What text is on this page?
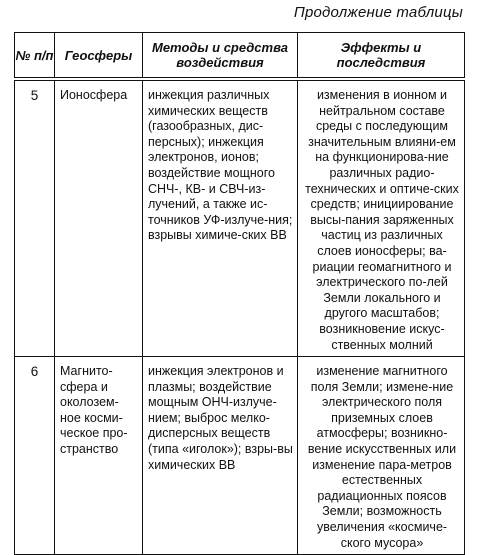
Продолжение таблицы
№ п/п	Геосферы	Методы и средства воздействия	Эффекты и последствия

5	Ионосфера	инжекция различных химических веществ (газообразных, дис-персных); инжекция электронов, ионов; воздействие мощного СНЧ-, КВ- и СВЧ-из-лучений, а также ис-точников УФ-излуче-ния; взрывы химиче-ских ВВ	изменения в ионном и нейтральном составе среды с последующим значительным влияни-ем на функционирова-ние различных радио-технических и оптиче-ских средств; инициирование высы-пания заряженных частиц из различных слоев ионосферы; ва-риации геомагнитного и электрического по-лей Земли локального и другого масштабов; возникновение искус-ственных молний

6	Магнито-сфера и околозем-ное косми-ческое про-странство	инжекция электронов и плазмы; воздействие мощным ОНЧ-излуче-нием; выброс мелко-дисперсных веществ (типа «иголок»); взры-вы химических ВВ	изменение магнитного поля Земли; измене-ние электрического поля приземных слоев атмосферы; возникно-вение искусственных или изменение пара-метров естественных радиационных поясов Земли; возможность увеличения «космиче-ского мусора»
